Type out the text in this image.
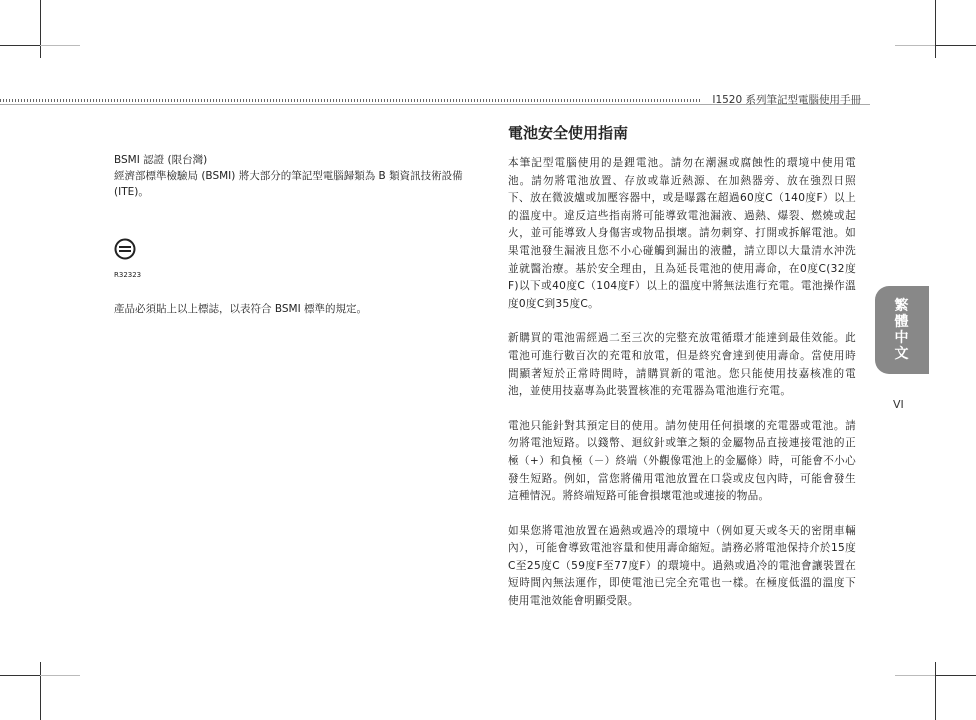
I1520 系列筆記型電腦使用手冊
BSMI 認證 (限台灣)
經濟部標準檢驗局 (BSMI) 將大部分的筆記型電腦歸類為 B 類資訊技術設備 (ITE)。
R32323
產品必須貼上以上標誌，以表符合 BSMI 標準的規定。
電池安全使用指南

本筆記型電腦使用的是鋰電池。請勿在潮濕或腐蝕性的環境中使用電池。請勿將電池放置、存放或靠近熱源、在加熱器旁、放在強烈日照下、放在微波爐或加壓容器中，或是曝露在超過60度C（140度F）以上的溫度中。違反這些指南將可能導致電池漏液、過熱、爆裂、燃燒或起火，並可能導致人身傷害或物品損壞。請勿刺穿、打開或拆解電池。如果電池發生漏液且您不小心碰觸到漏出的液體，請立即以大量清水沖洗並就醫治療。基於安全理由，且為延長電池的使用壽命，在0度C(32度F)以下或40度C（104度F）以上的溫度中將無法進行充電。電池操作溫度0度C到35度C。

新購買的電池需經過二至三次的完整充放電循環才能達到最佳效能。此電池可進行數百次的充電和放電，但是終究會達到使用壽命。當使用時間顯著短於正常時間時，請購買新的電池。您只能使用技嘉核准的電池，並使用技嘉專為此裝置核准的充電器為電池進行充電。

電池只能針對其預定目的使用。請勿使用任何損壞的充電器或電池。請勿將電池短路。以錢幣、迴紋針或筆之類的金屬物品直接連接電池的正極（+）和負極（－）終端（外觀像電池上的金屬條）時，可能會不小心發生短路。例如，當您將備用電池放置在口袋或皮包內時，可能會發生這種情況。將終端短路可能會損壞電池或連接的物品。

如果您將電池放置在過熱或過冷的環境中（例如夏天或冬天的密閉車輛內），可能會導致電池容量和使用壽命縮短。請務必將電池保持介於15度C至25度C（59度F至77度F）的環境中。過熱或過冷的電池會讓裝置在短時間內無法運作，即使電池已完全充電也一樣。在極度低溫的溫度下使用電池效能會明顯受限。

繁
體
中
文
VI
